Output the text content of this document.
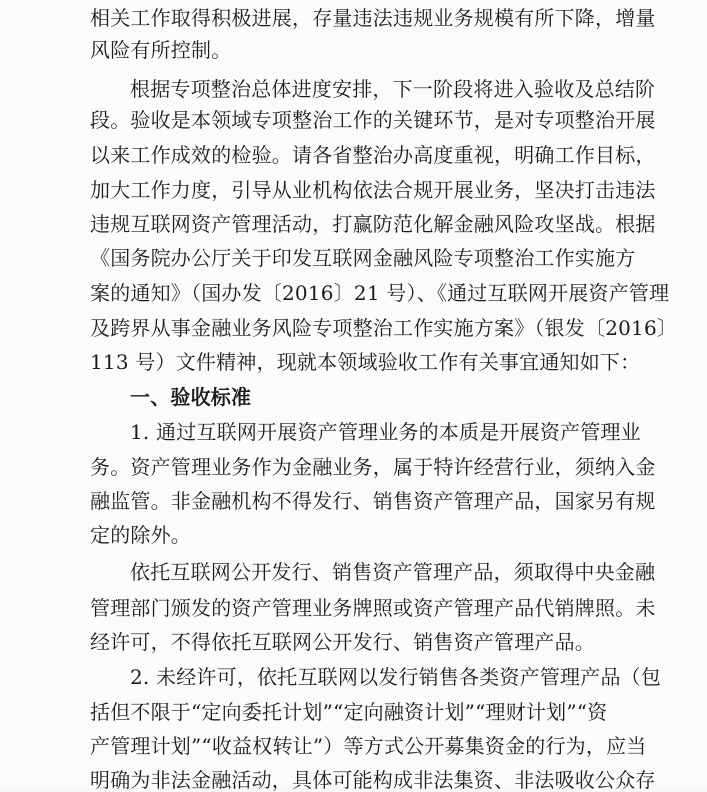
相关工作取得积极进展，存量违法违规业务规模有所下降，增量
风险有所控制。
根据专项整治总体进度安排，下一阶段将进入验收及总结阶
段。验收是本领域专项整治工作的关键环节，是对专项整治开展
以来工作成效的检验。请各省整治办高度重视，明确工作目标，
加大工作力度，引导从业机构依法合规开展业务，坚决打击违法
违规互联网资产管理活动，打赢防范化解金融风险攻坚战。根据
《国务院办公厅关于印发互联网金融风险专项整治工作实施方
案的通知》（国办发〔2016〕21 号）、《通过互联网开展资产管理
及跨界从事金融业务风险专项整治工作实施方案》（银发〔2016〕
113 号）文件精神，现就本领域验收工作有关事宜通知如下：
一、验收标准
1. 通过互联网开展资产管理业务的本质是开展资产管理业
务。资产管理业务作为金融业务，属于特许经营行业，须纳入金
融监管。非金融机构不得发行、销售资产管理产品，国家另有规
定的除外。
依托互联网公开发行、销售资产管理产品，须取得中央金融
管理部门颁发的资产管理业务牌照或资产管理产品代销牌照。未
经许可，不得依托互联网公开发行、销售资产管理产品。
2. 未经许可，依托互联网以发行销售各类资产管理产品（包
括但不限于“定向委托计划”“定向融资计划”“理财计划”“资
产管理计划”“收益权转让”）等方式公开募集资金的行为，应当
明确为非法金融活动，具体可能构成非法集资、非法吸收公众存
